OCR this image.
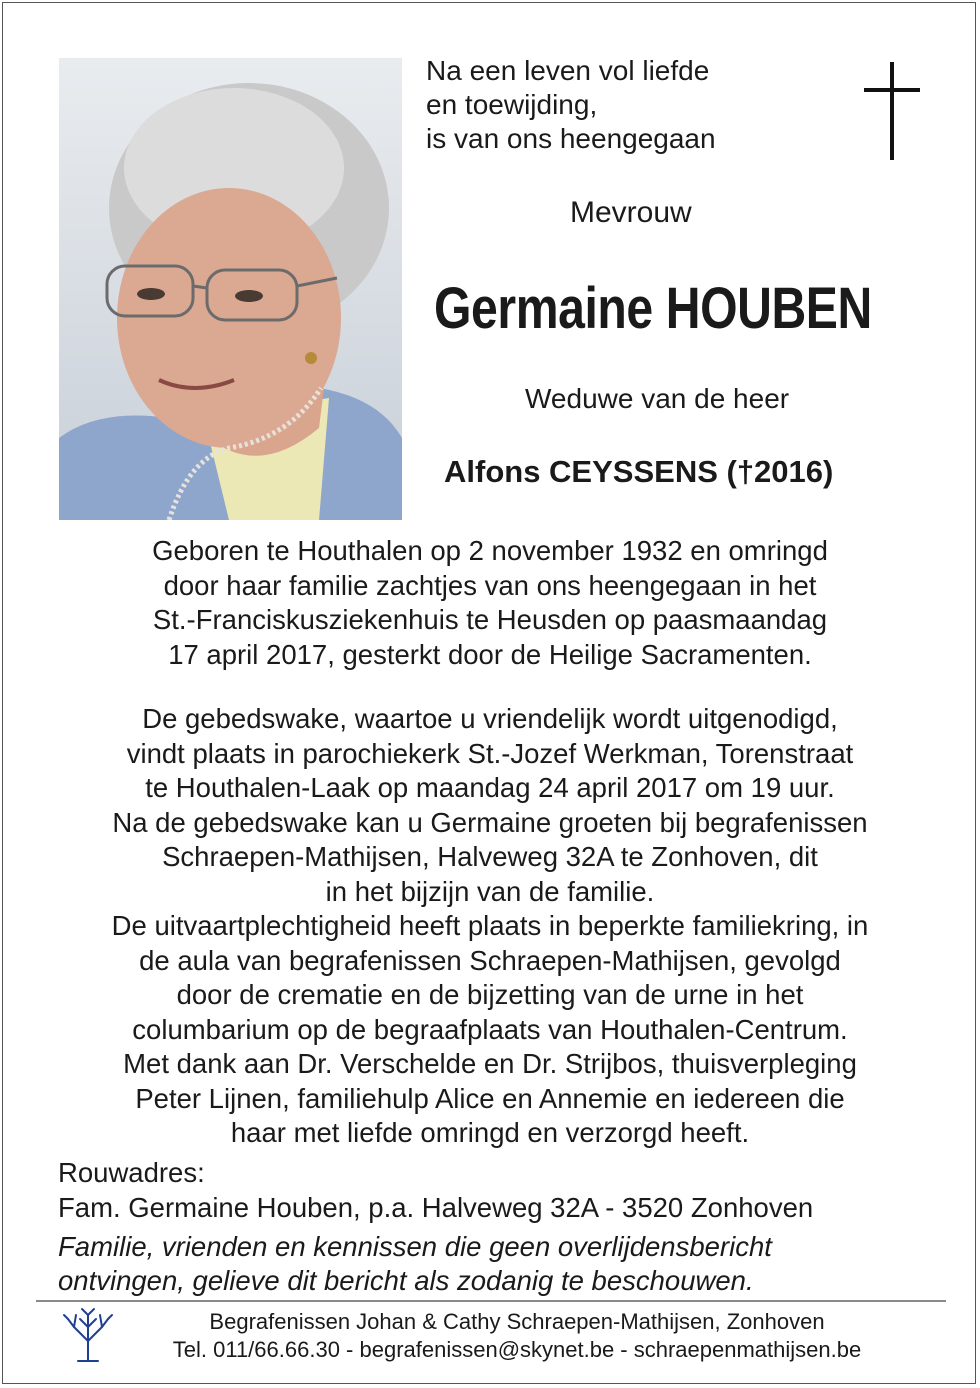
Na een leven vol liefde
en toewijding,
is van ons heengegaan
Mevrouw
Germaine HOUBEN
Weduwe van de heer
Alfons CEYSSENS (†2016)
Geboren te Houthalen op 2 november 1932 en omringd
door haar familie zachtjes van ons heengegaan in het
St.-Franciskusziekenhuis te Heusden op paasmaandag
17 april 2017, gesterkt door de Heilige Sacramenten.
De gebedswake, waartoe u vriendelijk wordt uitgenodigd,
vindt plaats in parochiekerk St.-Jozef Werkman, Torenstraat
te Houthalen-Laak op maandag 24 april 2017 om 19 uur.
Na de gebedswake kan u Germaine groeten bij begrafenissen
Schraepen-Mathijsen, Halveweg 32A te Zonhoven, dit
in het bijzijn van de familie.
De uitvaartplechtigheid heeft plaats in beperkte familiekring, in
de aula van begrafenissen Schraepen-Mathijsen, gevolgd
door de crematie en de bijzetting van de urne in het
columbarium op de begraafplaats van Houthalen-Centrum.
Met dank aan Dr. Verschelde en Dr. Strijbos, thuisverpleging
Peter Lijnen, familiehulp Alice en Annemie en iedereen die
haar met liefde omringd en verzorgd heeft.
Rouwadres:
Fam. Germaine Houben, p.a. Halveweg 32A - 3520 Zonhoven
Familie, vrienden en kennissen die geen overlijdensbericht
ontvingen, gelieve dit bericht als zodanig te beschouwen.
Begrafenissen Johan & Cathy Schraepen-Mathijsen, Zonhoven
Tel. 011/66.66.30 - begrafenissen@skynet.be - schraepenmathijsen.be
